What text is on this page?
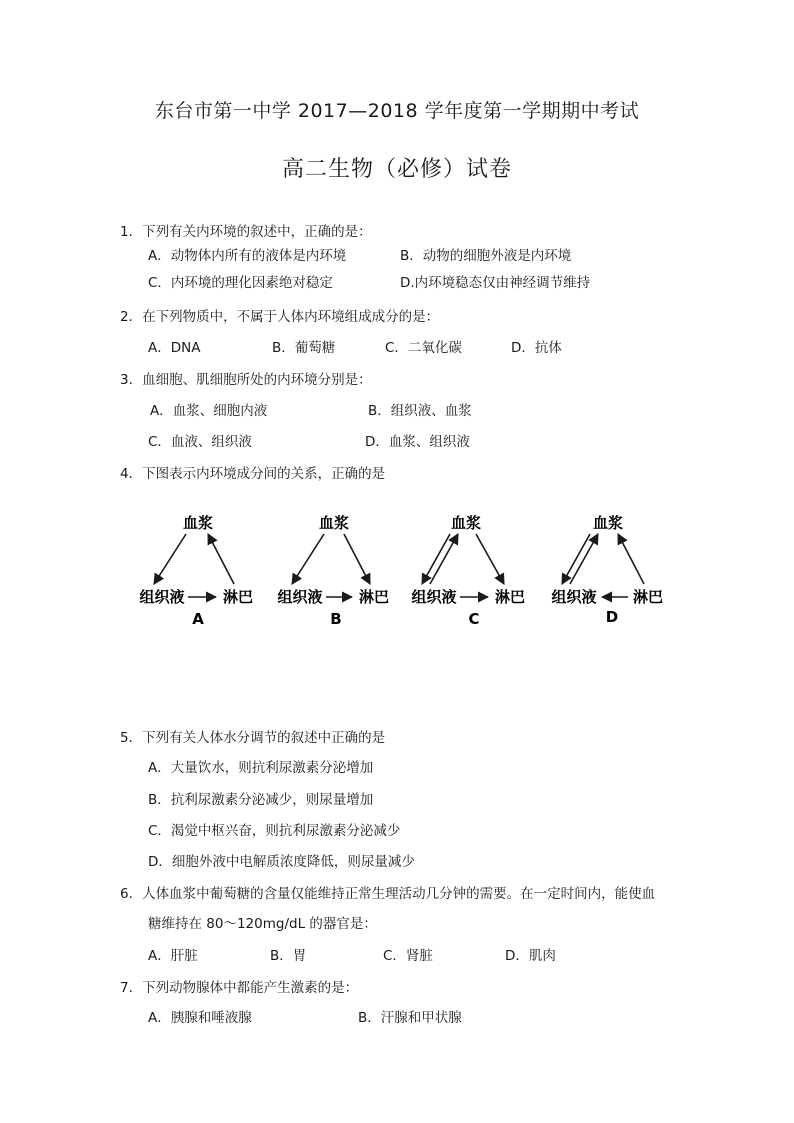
东台市第一中学 2017—2018 学年度第一学期期中考试
高二生物（必修）试卷
1．下列有关内环境的叙述中，正确的是：
A．动物体内所有的液体是内环境	B．动物的细胞外液是内环境
C．内环境的理化因素绝对稳定	D.内环境稳态仅由神经调节维持
2．在下列物质中，不属于人体内环境组成成分的是：
A．DNA	B．葡萄糖	C．二氧化碳	D．抗体
3．血细胞、肌细胞所处的内环境分别是：
A．血浆、细胞内液	B．组织液、血浆
C．血液、组织液	D．血浆、组织液
4．下图表示内环境成分间的关系，正确的是
血浆
组织液	淋巴
A
血浆
组织液 淋巴
B
血浆
组织液	淋巴
C
血浆
组织液 淋巴
D
5．下列有关人体水分调节的叙述中正确的是
A．大量饮水，则抗利尿激素分泌增加
B．抗利尿激素分泌减少，则尿量增加
C．渴觉中枢兴奋，则抗利尿激素分泌减少
D．细胞外液中电解质浓度降低，则尿量减少
6．人体血浆中葡萄糖的含量仅能维持正常生理活动几分钟的需要。在一定时间内，能使血
糖维持在 80～120mg/dL 的器官是：
A．肝脏	B．胃	C．肾脏	D．肌肉
7．下列动物腺体中都能产生激素的是：
A．胰腺和唾液腺	B．汗腺和甲状腺
